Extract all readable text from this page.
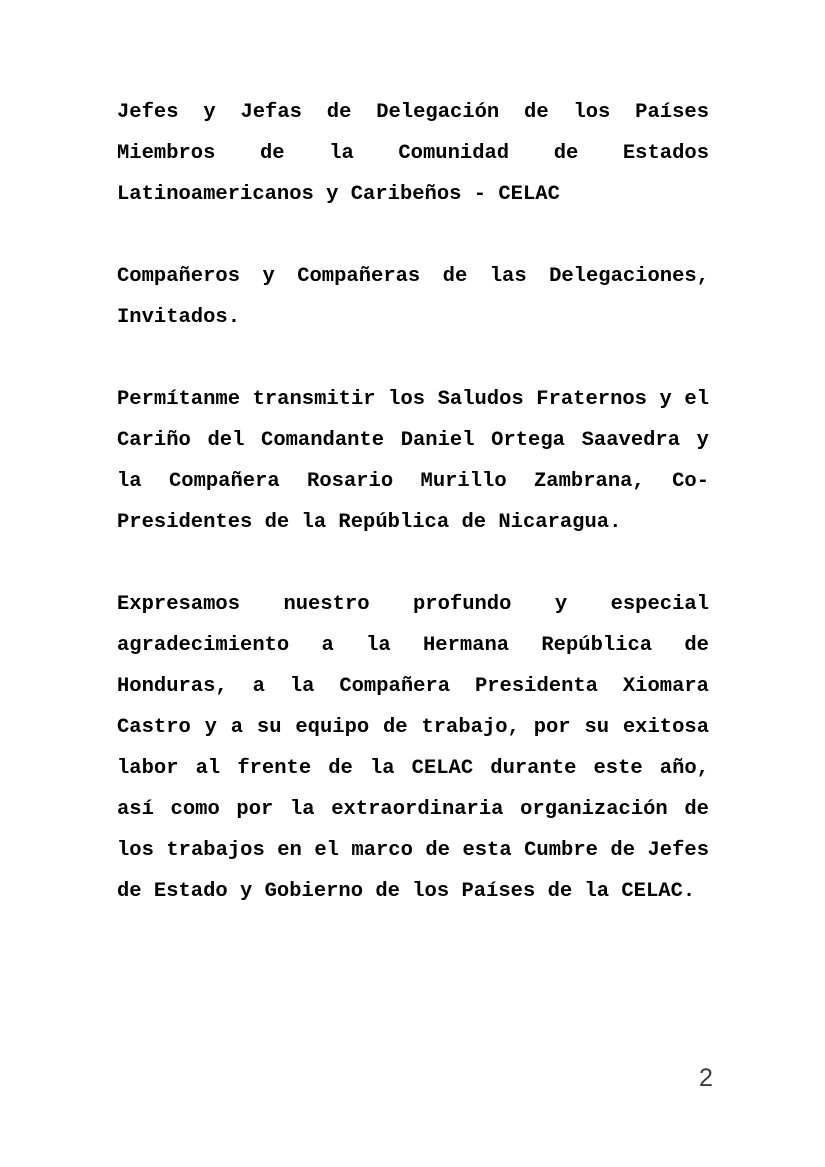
Jefes y Jefas de Delegación de los Países Miembros de la Comunidad de Estados Latinoamericanos y Caribeños - CELAC

Compañeros y Compañeras de las Delegaciones, Invitados.

Permítanme transmitir los Saludos Fraternos y el Cariño del Comandante Daniel Ortega Saavedra y la Compañera Rosario Murillo Zambrana, Co-Presidentes de la República de Nicaragua.

Expresamos nuestro profundo y especial agradecimiento a la Hermana República de Honduras, a la Compañera Presidenta Xiomara Castro y a su equipo de trabajo, por su exitosa labor al frente de la CELAC durante este año, así como por la extraordinaria organización de los trabajos en el marco de esta Cumbre de Jefes de Estado y Gobierno de los Países de la CELAC.

2
